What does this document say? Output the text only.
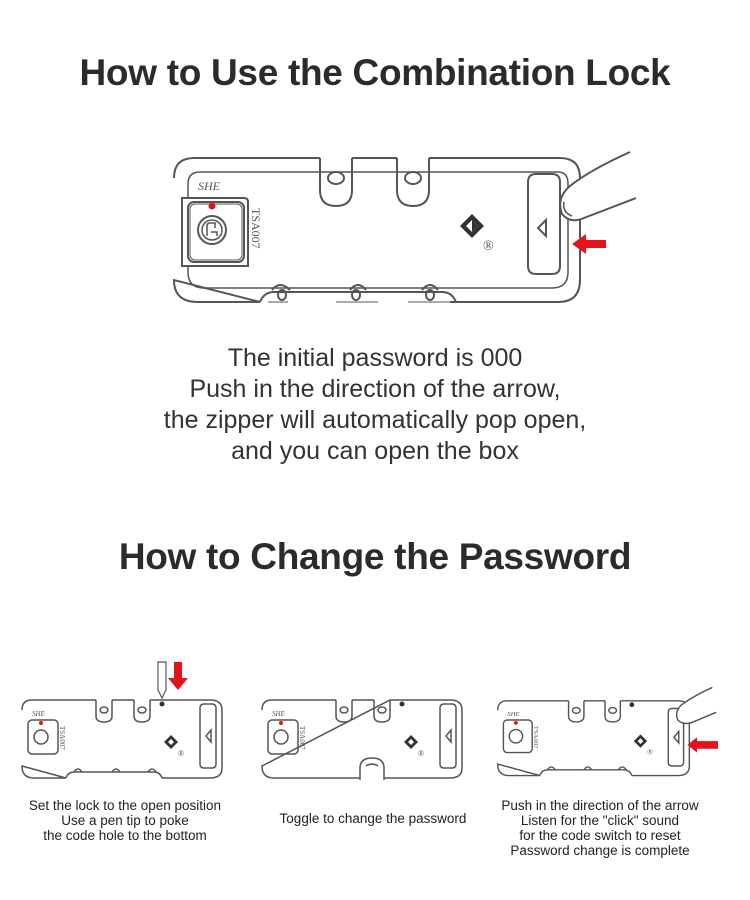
How to Use the Combination Lock
SHE
TSA007	®
The initial password is 000
Push in the direction of the arrow,
the zipper will automatically pop open,
and you can open the box
How to Change the Password
SHE
TSA007
®
SHE
TSA007
®
SHE
TSA007
®
Set the lock to the open position
Use a pen tip to poke
the code hole to the bottom
Toggle to change the password
Push in the direction of the arrow
Listen for the "click" sound
for the code switch to reset
Password change is complete
